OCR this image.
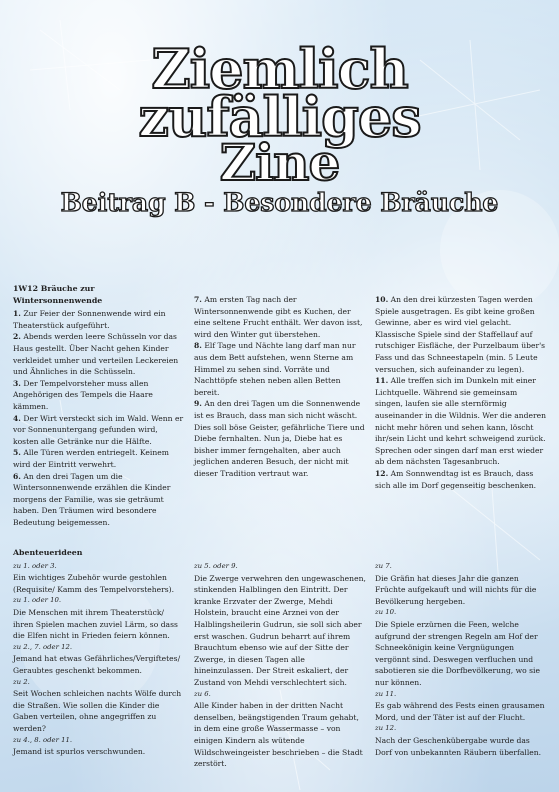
Ziemlich
zufälliges
Zine
Beitrag B - Besondere Bräuche

1W12 Bräuche zur Wintersonnenwende

1. Zur Feier der Sonnenwende wird ein Theaterstück aufgeführt.

2. Abends werden leere Schüsseln vor das Haus gestellt. Über Nacht gehen Kinder verkleidet umher und verteilen Leckereien und Ähnliches in die Schüsseln.

3. Der Tempelvorsteher muss allen Angehörigen des Tempels die Haare kämmen.

4. Der Wirt versteckt sich im Wald. Wenn er vor Sonnenuntergang gefunden wird, kosten alle Getränke nur die Hälfte.

5. Alle Türen werden entriegelt. Keinem wird der Eintritt verwehrt.

6. An den drei Tagen um die Wintersonnenwende erzählen die Kinder morgens der Familie, was sie geträumt haben. Den Träumen wird besondere Bedeutung beigemessen.

7. Am ersten Tag nach der Wintersonnenwende gibt es Kuchen, der eine seltene Frucht enthält. Wer davon isst, wird den Winter gut überstehen.

8. Elf Tage und Nächte lang darf man nur aus dem Bett aufstehen, wenn Sterne am Himmel zu sehen sind. Vorräte und Nachttöpfe stehen neben allen Betten bereit.

9. An den drei Tagen um die Sonnenwende ist es Brauch, dass man sich nicht wäscht. Dies soll böse Geister, gefährliche Tiere und Diebe fernhalten. Nun ja, Diebe hat es bisher immer ferngehalten, aber auch jeglichen anderen Besuch, der nicht mit dieser Tradition vertraut war.

10. An den drei kürzesten Tagen werden Spiele ausgetragen. Es gibt keine großen Gewinne, aber es wird viel gelacht. Klassische Spiele sind der Staffellauf auf rutschiger Eisfläche, der Purzelbaum über's Fass und das Schneestapeln (min. 5 Leute versuchen, sich aufeinander zu legen).

11. Alle treffen sich im Dunkeln mit einer Lichtquelle. Während sie gemeinsam singen, laufen sie alle sternförmig auseinander in die Wildnis. Wer die anderen nicht mehr hören und sehen kann, löscht ihr/sein Licht und kehrt schweigend zurück. Sprechen oder singen darf man erst wieder ab dem nächsten Tagesanbruch.

12. Am Sonnwendtag ist es Brauch, dass sich alle im Dorf gegenseitig beschenken.

Abenteuerideen

zu 1. oder 3.

Ein wichtiges Zubehör wurde gestohlen (Requisite/ Kamm des Tempelvorstehers).

zu 1. oder 10.

Die Menschen mit ihrem Theaterstück/ ihren Spielen machen zuviel Lärm, so dass die Elfen nicht in Frieden feiern können.

zu 2., 7. oder 12.

Jemand hat etwas Gefährliches/Vergiftetes/ Geraubtes geschenkt bekommen.

zu 2.

Seit Wochen schleichen nachts Wölfe durch die Straßen. Wie sollen die Kinder die Gaben verteilen, ohne angegriffen zu werden?

zu 4., 8. oder 11.

Jemand ist spurlos verschwunden.

zu 5. oder 9.

Die Zwerge verwehren den ungewaschenen, stinkenden Halblingen den Eintritt. Der kranke Erzvater der Zwerge, Mehdi Holstein, braucht eine Arznei von der Halblingsheilerin Gudrun, sie soll sich aber erst waschen. Gudrun beharrt auf ihrem Brauchtum ebenso wie auf der Sitte der Zwerge, in diesen Tagen alle hineinzulassen. Der Streit eskaliert, der Zustand von Mehdi verschlechtert sich.

zu 6.

Alle Kinder haben in der dritten Nacht denselben, beängstigenden Traum gehabt, in dem eine große Wassermasse – von einigen Kindern als wütende Wildschweingeister beschrieben – die Stadt zerstört.

zu 7.

Die Gräfin hat dieses Jahr die ganzen Früchte aufgekauft und will nichts für die Bevölkerung hergeben.

zu 10.

Die Spiele erzürnen die Feen, welche aufgrund der strengen Regeln am Hof der Schneekönigin keine Vergnügungen vergönnt sind. Deswegen verfluchen und sabotieren sie die Dorfbevölkerung, wo sie nur können.

zu 11.

Es gab während des Fests einen grausamen Mord, und der Täter ist auf der Flucht.

zu 12.

Nach der Geschenkübergabe wurde das Dorf von unbekannten Räubern überfallen.
